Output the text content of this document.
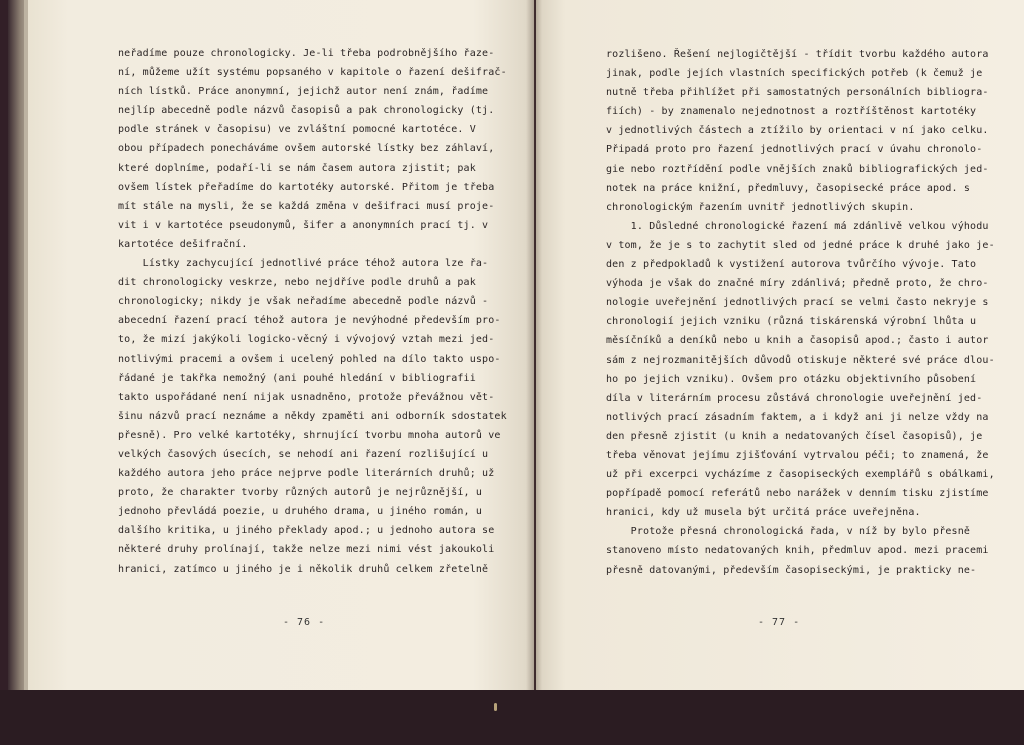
neřadíme pouze chronologicky. Je-li třeba podrobnějšího řaze-
ní, můžeme užít systému popsaného v kapitole o řazení dešifrač-
ních lístků. Práce anonymní, jejichž autor není znám, řadíme
nejlíp abecedně podle názvů časopisů a pak chronologicky (tj.
podle stránek v časopisu) ve zvláštní pomocné kartotéce. V
obou případech ponecháváme ovšem autorské lístky bez záhlaví,
které doplníme, podaří-li se nám časem autora zjistit; pak
ovšem lístek přeřadíme do kartotéky autorské. Přitom je třeba
mít stále na mysli, že se každá změna v dešifraci musí proje-
vit i v kartotéce pseudonymů, šifer a anonymních prací tj. v
kartotéce dešifrační.
Lístky zachycující jednotlivé práce téhož autora lze řa-
dit chronologicky veskrze, nebo nejdříve podle druhů a pak
chronologicky; nikdy je však neřadíme abecedně podle názvů -
abecední řazení prací téhož autora je nevýhodné především pro-
to, že mizí jakýkoli logicko-věcný i vývojový vztah mezi jed-
notlivými pracemi a ovšem i ucelený pohled na dílo takto uspo-
řádané je takřka nemožný (ani pouhé hledání v bibliografii
takto uspořádané není nijak usnadněno, protože převážnou vět-
šinu názvů prací neznáme a někdy zpaměti ani odborník sdostatek
přesně). Pro velké kartotéky, shrnující tvorbu mnoha autorů ve
velkých časových úsecích, se nehodí ani řazení rozlišující u
každého autora jeho práce nejprve podle literárních druhů; už
proto, že charakter tvorby různých autorů je nejrůznější, u
jednoho převládá poezie, u druhého drama, u jiného román, u
dalšího kritika, u jiného překlady apod.; u jednoho autora se
některé druhy prolínají, takže nelze mezi nimi vést jakoukoli
hranici, zatímco u jiného je i několik druhů celkem zřetelně
- 76 -
rozlišeno. Řešení nejlogičtější - třídit tvorbu každého autora
jinak, podle jejích vlastních specifických potřeb (k čemuž je
nutně třeba přihlížet při samostatných personálních bibliogra-
fiích) - by znamenalo nejednotnost a roztříštěnost kartotéky
v jednotlivých částech a ztížilo by orientaci v ní jako celku.
Připadá proto pro řazení jednotlivých prací v úvahu chronolo-
gie nebo roztřídění podle vnějších znaků bibliografických jed-
notek na práce knižní, předmluvy, časopisecké práce apod. s
chronologickým řazením uvnitř jednotlivých skupin.
1. Důsledné chronologické řazení má zdánlivě velkou výhodu
v tom, že je s to zachytit sled od jedné práce k druhé jako je-
den z předpokladů k vystižení autorova tvůrčího vývoje. Tato
výhoda je však do značné míry zdánlivá; předně proto, že chro-
nologie uveřejnění jednotlivých prací se velmi často nekryje s
chronologií jejich vzniku (různá tiskárenská výrobní lhůta u
měsíčníků a deníků nebo u knih a časopisů apod.; často i autor
sám z nejrozmanitějších důvodů otiskuje některé své práce dlou-
ho po jejich vzniku). Ovšem pro otázku objektivního působení
díla v literárním procesu zůstává chronologie uveřejnění jed-
notlivých prací zásadním faktem, a i když ani ji nelze vždy na
den přesně zjistit (u knih a nedatovaných čísel časopisů), je
třeba věnovat jejímu zjišťování vytrvalou péči; to znamená, že
už při excerpci vycházíme z časopiseckých exemplářů s obálkami,
popřípadě pomocí referátů nebo narážek v denním tisku zjistíme
hranici, kdy už musela být určitá práce uveřejněna.
Protože přesná chronologická řada, v níž by bylo přesně
stanoveno místo nedatovaných knih, předmluv apod. mezi pracemi
přesně datovanými, především časopiseckými, je prakticky ne-
- 77 -
